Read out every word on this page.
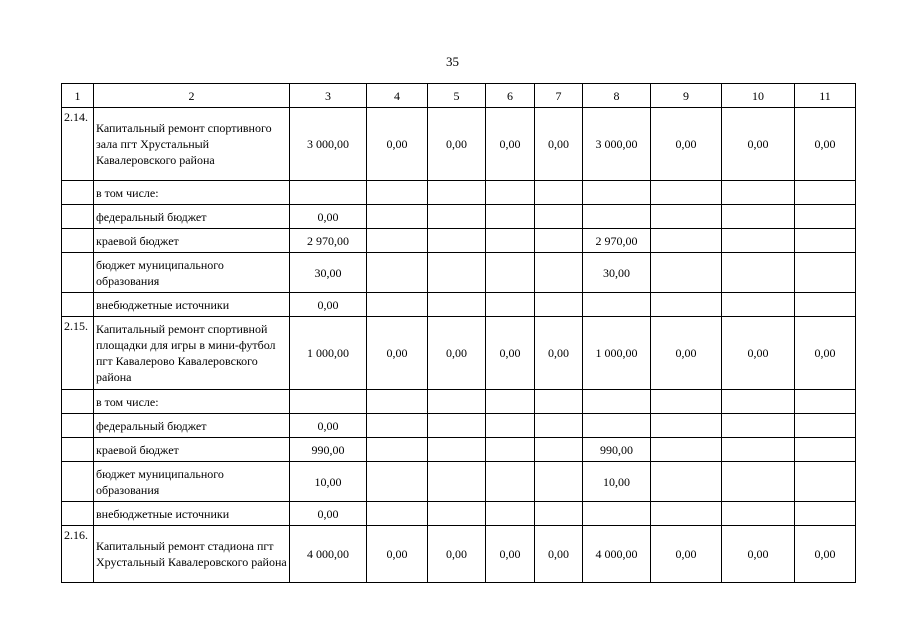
35
1	2	3	4	5	6	7	8	9	10	11
2.14.	Капитальный ремонт спортивного зала пгт Хрустальный Кавалеровского района	3 000,00	0,00	0,00	0,00	0,00	3 000,00	0,00	0,00	0,00
	в том числе:									
	федеральный бюджет	0,00								
	краевой бюджет	2 970,00					2 970,00			
	бюджет муниципального образования	30,00					30,00			
	внебюджетные источники	0,00								
2.15.	Капитальный ремонт спортивной площадки для игры в мини-футбол пгт Кавалерово Кавалеровского района	1 000,00	0,00	0,00	0,00	0,00	1 000,00	0,00	0,00	0,00
	в том числе:									
	федеральный бюджет	0,00								
	краевой бюджет	990,00					990,00			
	бюджет муниципального образования	10,00					10,00			
	внебюджетные источники	0,00								
2.16.	Капитальный ремонт стадиона пгт Хрустальный Кавалеровского района	4 000,00	0,00	0,00	0,00	0,00	4 000,00	0,00	0,00	0,00
